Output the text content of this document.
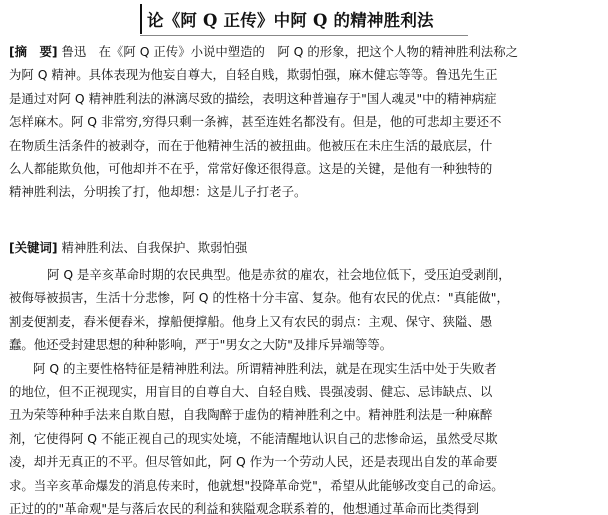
论《阿 Q 正传》中阿 Q 的精神胜利法
[摘　要] 鲁迅　在《阿 Q 正传》小说中塑造的　阿 Q 的形象，把这个人物的精神胜利法称之
为阿 Q 精神。具体表现为他妄自尊大，自轻自贱，欺弱怕强，麻木健忘等等。鲁迅先生正
是通过对阿 Q 精神胜利法的淋漓尽致的描绘，表明这种普遍存于"国人魂灵"中的精神病症
怎样麻木。阿 Q 非常穷,穷得只剩一条裤，甚至连姓名都没有。但是，他的可悲却主要还不
在物质生活条件的被剥夺，而在于他精神生活的被扭曲。他被压在未庄生活的最底层，什
么人都能欺负他，可他却并不在乎，常常好像还很得意。这是的关键，是他有一种独特的
精神胜利法，分明挨了打，他却想：这是儿子打老子。
[关键词] 精神胜利法、自我保护、欺弱怕强
阿 Q 是辛亥革命时期的农民典型。他是赤贫的雇农，社会地位低下，受压迫受剥削，
被侮辱被损害，生活十分悲惨，阿 Q 的性格十分丰富、复杂。他有农民的优点："真能做"，
割麦便割麦，舂米便舂米，撑船便撑船。他身上又有农民的弱点：主观、保守、狭隘、愚
蠢。他还受封建思想的种种影响，严于"男女之大防"及排斥异端等等。
阿 Q 的主要性格特征是精神胜利法。所谓精神胜利法，就是在现实生活中处于失败者
的地位，但不正视现实，用盲目的自尊自大、自轻自贱、畏强凌弱、健忘、忌讳缺点、以
丑为荣等种种手法来自欺自慰，自我陶醉于虚伪的精神胜利之中。精神胜利法是一种麻醉
剂，它使得阿 Q 不能正视自己的现实处境，不能清醒地认识自己的悲惨命运，虽然受尽欺
凌，却并无真正的不平。但尽管如此，阿 Q 作为一个劳动人民，还是表现出自发的革命要
求。当辛亥革命爆发的消息传来时，他就想"投降革命党"，希望从此能够改变自己的命运。
正过的的"革命观"是与落后农民的利益和狭隘观念联系着的，他想通过革命而比类得到
